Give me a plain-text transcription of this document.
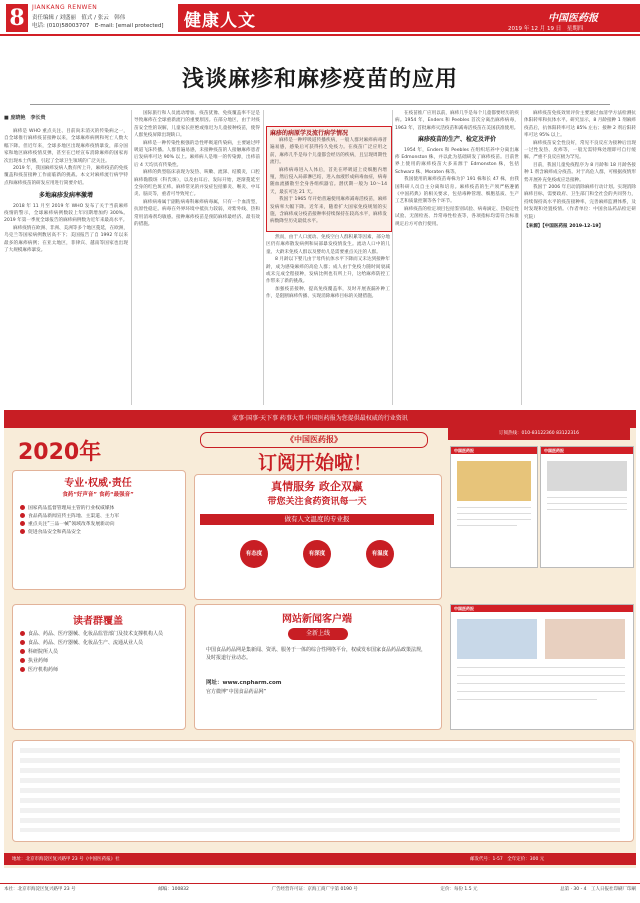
8	JIANKANG RENWEN
责任编辑 / 刘盛丽　值式 / 张云　韩伟
电话: (010)58003707　E-mail: [email protected] 健康人文	中国医药报
2019 年 12 月 19 日　星期四
浅谈麻疹和麻疹疫苗的应用
■ 庞晓艳　李长贵

麻疹是 WHO 重点关注、目前尚未消灭的传染病之一，自全球推行麻疹疫苗接种以来，全球麻疹病例和死亡人数大幅下降。但近年来，全球多地区出现麻疹疫情暴发，部分国家和地区麻疹疫情反弹，甚至在已经宣布消除麻疹的国家再次出现本土传播，引起了全球卫生领域的广泛关注。

2019 年，我国麻疹发病人数有所上升，麻疹疫苗的免疫覆盖和疫苗接种工作面临新的挑战。本文对麻疹流行病学特点和麻疹疫苗的研发应用进行简要介绍。

多地麻疹发病率激增

2018 年 11 月至 2019 年 WHO 发布了关于当前麻疹疫情的警示，全球麻疹病例数较上年同期增加约 300%。2019 年第一季度全球报告的麻疹病例数为近年来最高水平。

麻疹疫情在欧洲、非洲、美洲等多个地区蔓延，在欧洲，乌克兰等国家病例数居高不下；美国报告了自 1992 年以来最多的麻疹病例；在亚太地区，菲律宾、越南等国家也出现了大规模麻疹暴发。

国际旅行和人员流动增加、疫苗犹豫、免疫覆盖率不足是导致麻疹在全球重新流行的重要原因。在部分地区，由于对疫苗安全性的误解，儿童家长拒绝或推迟为儿童接种疫苗，使得人群免疫屏障出现缺口。

麻疹是一种传染性极强的急性呼吸道传染病，主要通过呼吸道飞沫传播。人群普遍易感，未接种疫苗的人接触麻疹患者后发病率可达 90% 以上。麻疹病人是唯一的传染源，出疹前后 4 天均具有传染性。

麻疹的典型临床表现为发热、咳嗽、流涕、结膜炎，口腔麻疹黏膜斑（科氏斑），以及由耳后、发际开始，逐渐蔓延至全身的红色斑丘疹。麻疹常见的并发症包括肺炎、喉炎、中耳炎、脑炎等，重者可导致死亡。

麻疹病毒属于副粘病毒科麻疹病毒属，只有一个血清型，抗原性稳定。病毒在外界环境中抵抗力较弱，对紫外线、热和常用消毒剂均敏感。接种麻疹疫苗是预防麻疹最经济、最有效的措施。

麻疹的病原学及流行病学情况

麻疹是一种呼吸道传播疾病，一般人群对麻疹病毒普遍易感，感染后可获得持久免疫力。在疫苗广泛应用之前，麻疹几乎是每个儿童都会经历的疾病，且呈现周期性流行。

麻疹病毒进入人体后，首先在呼吸道上皮细胞内增殖，然后侵入局部淋巴结，进入血液形成病毒血症，病毒随血流播散至全身各组织器官。潜伏期一般为 10～14 天，最长可达 21 天。

我国于 1965 年开始普遍使用麻疹减毒活疫苗，麻疹发病率大幅下降。近年来，随着扩大国家免疫规划的实施，含麻疹成分疫苗接种率持续保持在较高水平，麻疹发病数降至历史最低水平。

然而，由于人口流动、免疫空白人群积累等因素，部分地区仍有麻疹散发病例和局部暴发疫情发生。流动人口中的儿童、大龄未免疫人群以及婴幼儿是需要重点关注的人群。

8 月龄以下婴儿由于母传抗体水平下降而又未达到接种年龄，成为感染麻疹的高危人群；成人由于免疫力随时间衰减或未完成全程接种，发病比例也有所上升，这给麻疹防控工作带来了新的挑战。

加强疫苗接种、提高免疫覆盖率，及时开展查漏补种工作，是阻断麻疹传播、实现消除麻疹目标的关键措施。

在疫苗推广应用以前，麻疹几乎是每个儿童都要经历的疾病。1954 年，Enders 和 Peebles 首次分离出麻疹病毒，1963 年，首批麻疹灭活疫苗和减毒活疫苗在美国获准使用。

麻疹疫苗的生产、检定及评价

1954 年，Enders 和 Peebles 在组织培养中分离出麻疹 Edmonston 株，并以此为基础研发了麻疹疫苗。目前世界上使用的麻疹疫苗大多来源于 Edmonston 株，包括 Schwarz 株、Moraten 株等。

我国使用的麻疹疫苗毒株为沪 191 株和长 47 株，由我国科研人员自主分离和培育。麻疹疫苗的生产须严格遵循《中国药典》的相关要求，包括毒种管理、细胞基质、生产工艺和质量控制等各个环节。

麻疹疫苗的检定项目包括鉴别试验、病毒滴定、热稳定性试验、无菌检查、异常毒性检查等，各项指标均需符合标准规定后方可放行使用。

麻疹疫苗免疫效果评价主要通过血清学方法检测抗体阳转率和抗体水平。研究显示，8 月龄接种 1 剂麻疹疫苗后，抗体阳转率可达 85% 左右；接种 2 剂后阳转率可达 95% 以上。

麻疹疫苗安全性良好，常见不良反应为接种后出现一过性发热、皮疹等，一般无需特殊处理即可自行缓解。严重不良反应极为罕见。

目前，我国儿童免疫程序为 8 月龄和 18 月龄各接种 1 剂含麻疹成分疫苗。对于高危人群，可根据疫情形势开展补充免疫或应急接种。

我国于 2006 年启动消除麻疹行动计划。实现消除麻疹目标，需要政府、卫生部门和全社会的共同努力，持续保持高水平的疫苗接种率，完善麻疹监测体系，及时发现和处置疫情。（作者单位：中国食品药品检定研究院）

【来源】【中国医药报 2019-12-19】

家事·国事·天下事 药事大事 中国医药报为您提供最权威的行业资讯
2020年
《中国医药报》
订阅开始啦！
订阅热线：010-83122360 83122316
专业·权威·责任
食药“好声音” 食药“最强音”
国家药品监督管理局主管的行业权威媒体
食品药品新闻宣传主阵地、主渠道、主力军
重点关注“三品一械”领域改革发展新动向
促进食品安全和药品安全
真情服务 政企双赢
带您关注食药资讯每一天
做有人文温度的专业报
有态度	有深度	有温度
中国医药报	中国医药报
读者群覆盖
食品、药品、医疗器械、化妆品监管部门及技术支撑机构人员
食品、药品、医疗器械、化妆品生产、流通从业人员
科研院所人员
执业药师
医疗机构药师
网站新闻客户端
全新上线
中国食品药品网是集新闻、资讯、服务于一体的综合性网络平台，权威发布国家食品药品政策法规，及时报道行业动态。
网址：www.cnpharm.com
官方微博“中国食品药品网”
中国医药报
地址：北京市海淀区复兴路甲 23 号《中国医药报》社	邮发代号：1-57　全年定价：300 元
本社：北京市海淀区复兴路甲 23 号	邮编：100832	广告经营许可证：京海工商广字第 0190 号	定价：每份 1.5 元	总第 · 30 - 4　工人日报社印刷厂印刷
